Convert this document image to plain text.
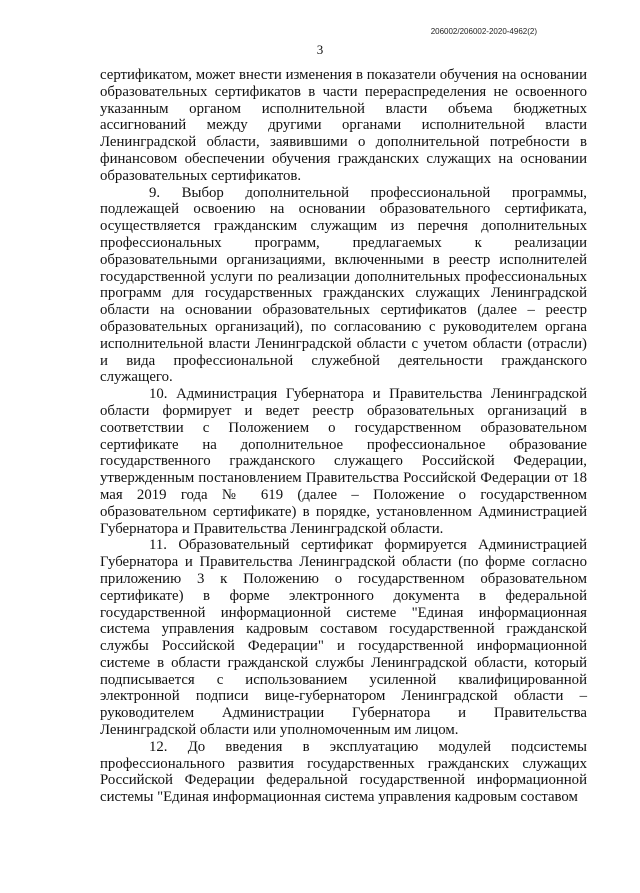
206002/206002-2020-4962(2)
3

сертификатом, может внести изменения в показатели обучения на основании образовательных сертификатов в части перераспределения не освоенного указанным органом исполнительной власти объема бюджетных ассигнований между другими органами исполнительной власти Ленинградской области, заявившими о дополнительной потребности в финансовом обеспечении обучения гражданских служащих на основании образовательных сертификатов.

9. Выбор дополнительной профессиональной программы, подлежащей освоению на основании образовательного сертификата, осуществляется гражданским служащим из перечня дополнительных профессиональных программ, предлагаемых к реализации образовательными организациями, включенными в реестр исполнителей государственной услуги по реализации дополнительных профессиональных программ для государственных гражданских служащих Ленинградской области на основании образовательных сертификатов (далее – реестр образовательных организаций), по согласованию с руководителем органа исполнительной власти Ленинградской области с учетом области (отрасли) и вида профессиональной служебной деятельности гражданского служащего.

10. Администрация Губернатора и Правительства Ленинградской области формирует и ведет реестр образовательных организаций в соответствии с Положением о государственном образовательном сертификате на дополнительное профессиональное образование государственного гражданского служащего Российской Федерации, утвержденным постановлением Правительства Российской Федерации от 18 мая 2019 года № 619 (далее – Положение о государственном образовательном сертификате) в порядке, установленном Администрацией Губернатора и Правительства Ленинградской области.

11. Образовательный сертификат формируется Администрацией Губернатора и Правительства Ленинградской области (по форме согласно приложению 3 к Положению о государственном образовательном сертификате) в форме электронного документа в федеральной государственной информационной системе "Единая информационная система управления кадровым составом государственной гражданской службы Российской Федерации" и государственной информационной системе в области гражданской службы Ленинградской области, который подписывается с использованием усиленной квалифицированной электронной подписи вице-губернатором Ленинградской области – руководителем Администрации Губернатора и Правительства Ленинградской области или уполномоченным им лицом.

12. До введения в эксплуатацию модулей подсистемы профессионального развития государственных гражданских служащих Российской Федерации федеральной государственной информационной системы "Единая информационная система управления кадровым составом
